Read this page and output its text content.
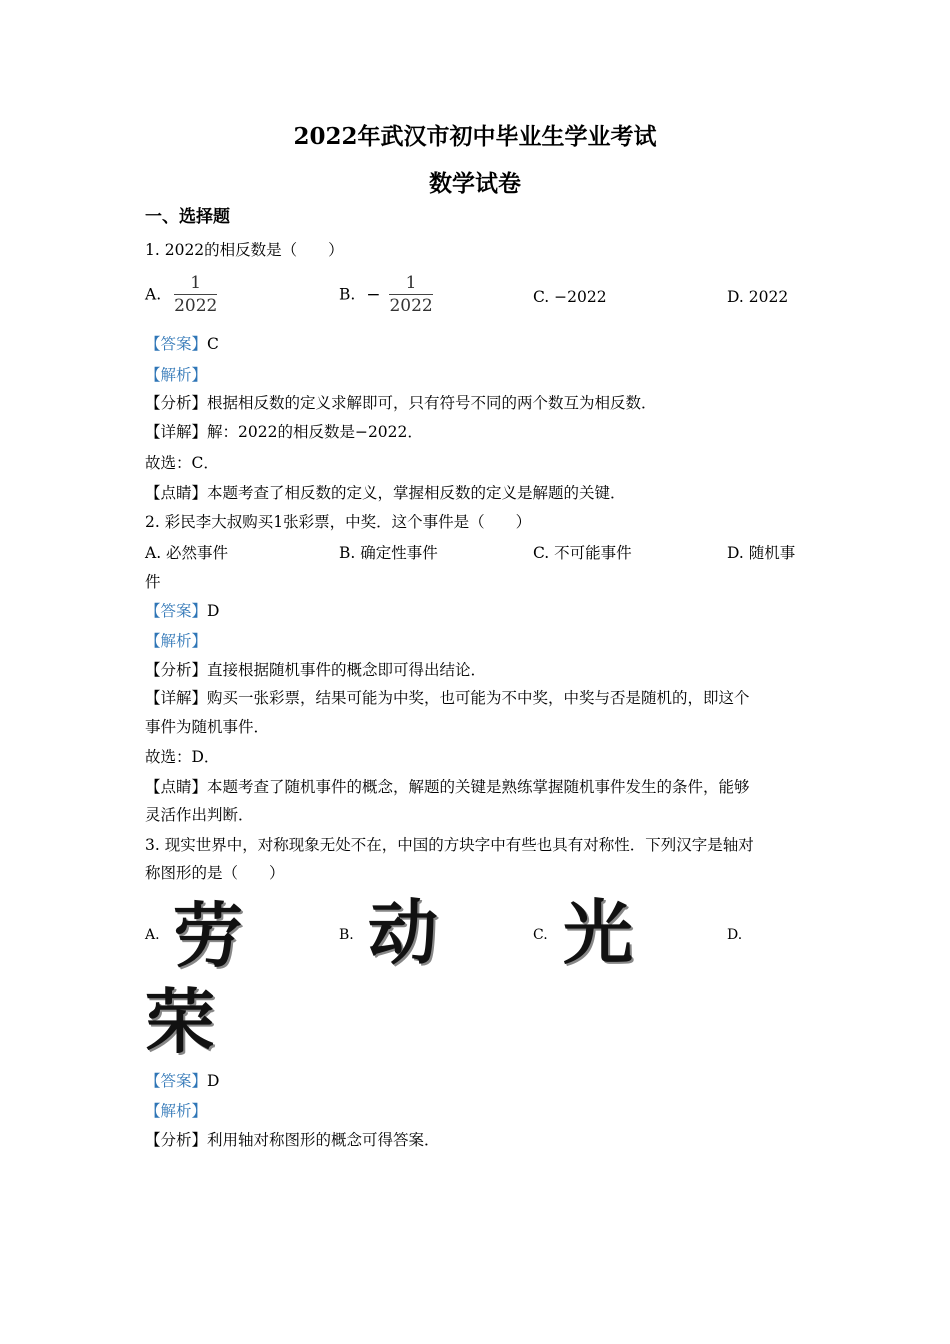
2022年武汉市初中毕业生学业考试
数学试卷
一、选择题
1. 2022的相反数是（　　）
A. $\frac{1}{2022}$	B. − $\frac{1}{2022}$	C. −2022	D. 2022
【答案】C
【解析】
【分析】根据相反数的定义求解即可，只有符号不同的两个数互为相反数．
【详解】解：2022的相反数是−2022．
故选：C．
【点睛】本题考查了相反数的定义，掌握相反数的定义是解题的关键．
2. 彩民李大叔购买1张彩票，中奖．这个事件是（　　）
A. 必然事件	B. 确定性事件	C. 不可能事件	D. 随机事
件
【答案】D
【解析】
【分析】直接根据随机事件的概念即可得出结论．
【详解】购买一张彩票，结果可能为中奖，也可能为不中奖，中奖与否是随机的，即这个
事件为随机事件．
故选：D．
【点睛】本题考查了随机事件的概念，解题的关键是熟练掌握随机事件发生的条件，能够
灵活作出判断．
3. 现实世界中，对称现象无处不在，中国的方块字中有些也具有对称性．下列汉字是轴对
称图形的是（　　）
A. 劳	B. 动	C. 光	D.
荣
【答案】D
【解析】
【分析】利用轴对称图形的概念可得答案．
